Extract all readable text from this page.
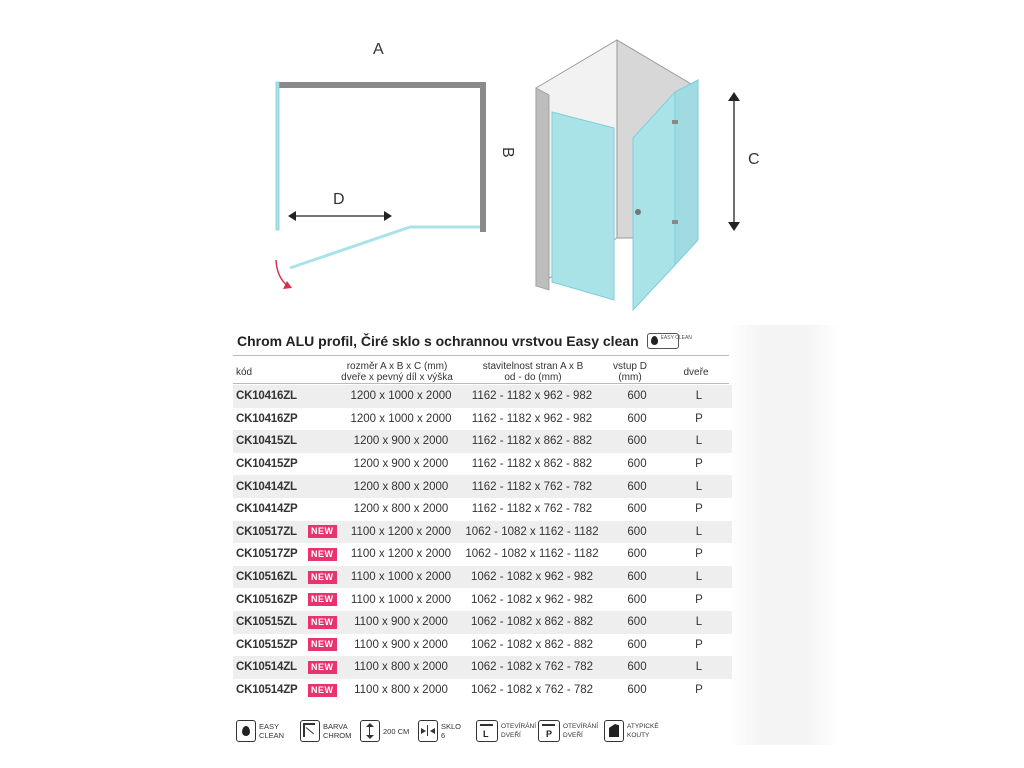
A
B
D
C
Chrom ALU profil, Čiré sklo s ochrannou vrstvou Easy clean	EASY CLEAN
kód
rozměr A x B x C (mm)
dveře x pevný díl x výška
stavitelnost stran A x B
od - do (mm)
vstup D
(mm)	dveře
CK10416ZL		1200 x 1000 x 2000	1162 - 1182 x 962 - 982	600	L
CK10416ZP		1200 x 1000 x 2000	1162 - 1182 x 962 - 982	600	P
CK10415ZL		1200 x 900 x 2000	1162 - 1182 x 862 - 882	600	L
CK10415ZP		1200 x 900 x 2000	1162 - 1182 x 862 - 882	600	P
CK10414ZL		1200 x 800 x 2000	1162 - 1182 x 762 - 782	600	L
CK10414ZP		1200 x 800 x 2000	1162 - 1182 x 762 - 782	600	P
CK10517ZL	NEW	1100 x 1200 x 2000	1062 - 1082 x 1162 - 1182	600	L
CK10517ZP	NEW	1100 x 1200 x 2000	1062 - 1082 x 1162 - 1182	600	P
CK10516ZL	NEW	1100 x 1000 x 2000	1062 - 1082 x 962 - 982	600	L
CK10516ZP	NEW	1100 x 1000 x 2000	1062 - 1082 x 962 - 982	600	P
CK10515ZL	NEW	1100 x 900 x 2000	1062 - 1082 x 862 - 882	600	L
CK10515ZP	NEW	1100 x 900 x 2000	1062 - 1082 x 862 - 882	600	P
CK10514ZL	NEW	1100 x 800 x 2000	1062 - 1082 x 762 - 782	600	L
CK10514ZP	NEW	1100 x 800 x 2000	1062 - 1082 x 762 - 782	600	P
EASY
CLEAN
BARVA
CHROM	200 CM	SKLO
6	L
OTEVÍRÁNÍ
DVEŘÍ	P
OTEVÍRÁNÍ
DVEŘÍ
ATYPICKÉ
KOUTY
